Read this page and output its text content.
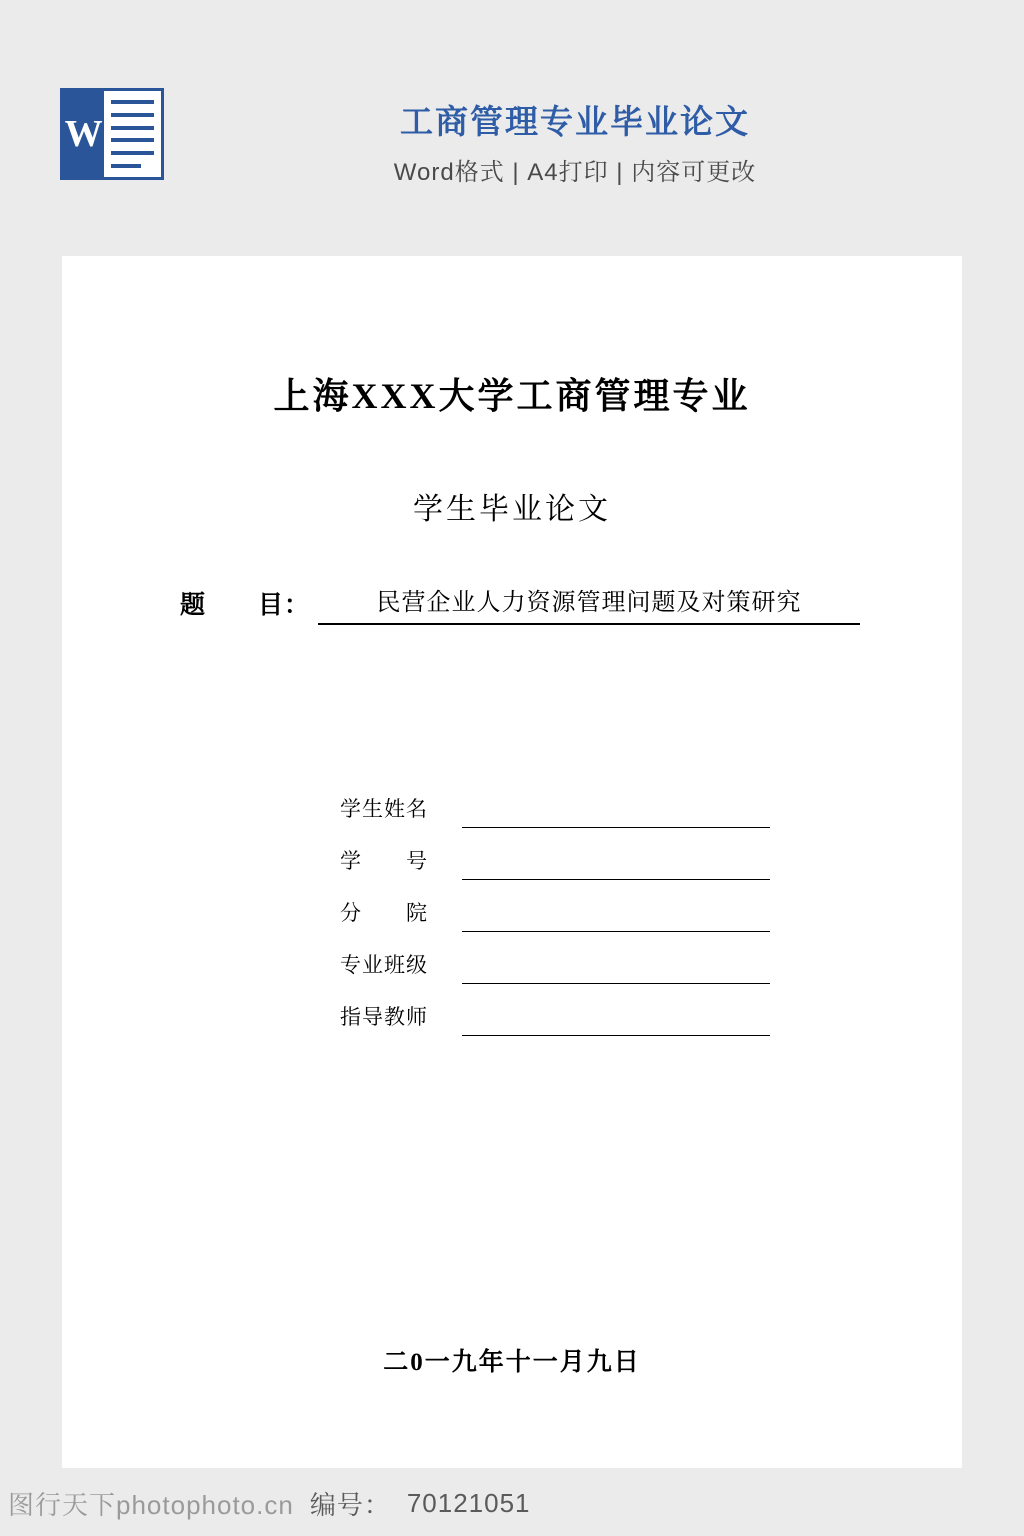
W	工商管理专业毕业论文
Word格式 | A4打印 | 内容可更改
上海XXX大学工商管理专业
学生毕业论文
题　　目：	民营企业人力资源管理问题及对策研究
学生姓名
学　　号
分　　院
专业班级
指导教师
二0一九年十一月九日
图行天下photophoto.cn 编号： 70121051
